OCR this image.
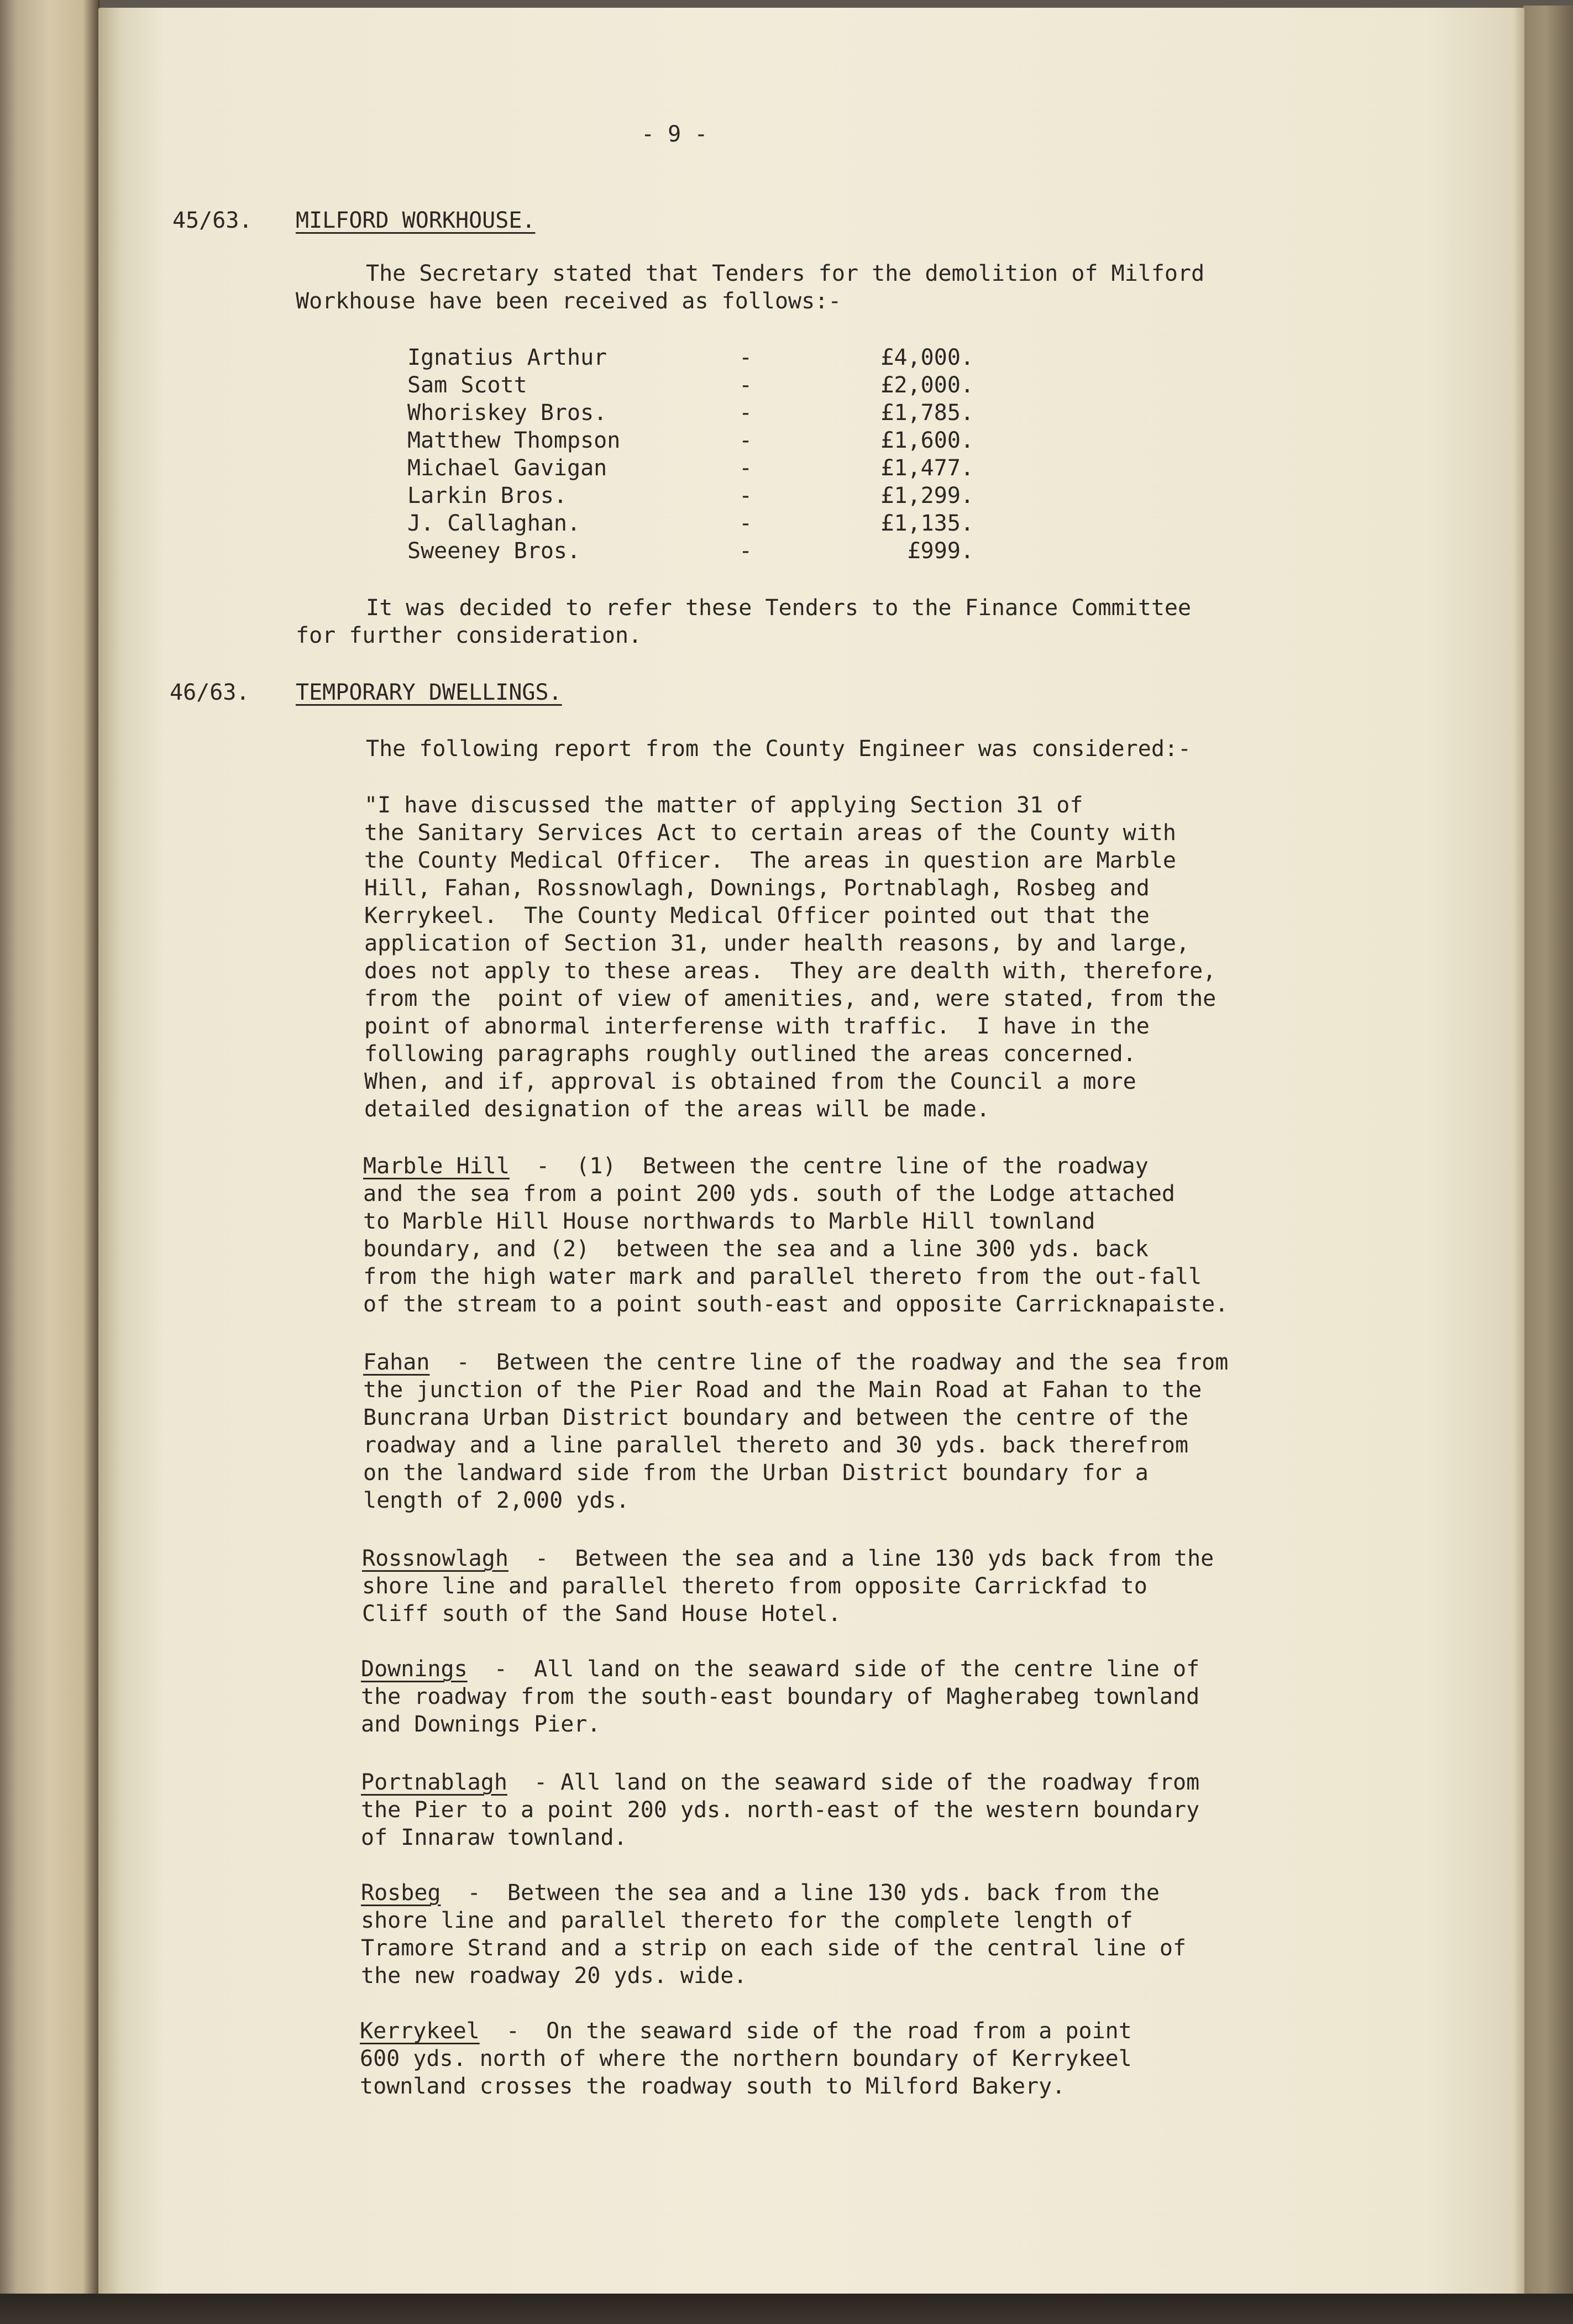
- 9 -

45/63. MILFORD WORKHOUSE.

The Secretary stated that Tenders for the demolition of Milford

Workhouse have been received as follows:-

Ignatius Arthur	-	£4,000.

Sam Scott	-	£2,000.

Whoriskey Bros.	-	£1,785.

Matthew Thompson	-	£1,600.

Michael Gavigan	-	£1,477.

Larkin Bros.	-	£1,299.

J. Callaghan.	-	£1,135.

Sweeney Bros.	-	£999.

It was decided to refer these Tenders to the Finance Committee

for further consideration.

46/63. TEMPORARY DWELLINGS.

The following report from the County Engineer was considered:-

"I have discussed the matter of applying Section 31 of

the Sanitary Services Act to certain areas of the County with

the County Medical Officer.  The areas in question are Marble

Hill, Fahan, Rossnowlagh, Downings, Portnablagh, Rosbeg and

Kerrykeel.  The County Medical Officer pointed out that the

application of Section 31, under health reasons, by and large,

does not apply to these areas.  They are dealth with, therefore,

from the  point of view of amenities, and, were stated, from the

point of abnormal interferense with traffic.  I have in the

following paragraphs roughly outlined the areas concerned.

When, and if, approval is obtained from the Council a more

detailed designation of the areas will be made.

Marble Hill  -  (1)  Between the centre line of the roadway

and the sea from a point 200 yds. south of the Lodge attached

to Marble Hill House northwards to Marble Hill townland

boundary, and (2)  between the sea and a line 300 yds. back

from the high water mark and parallel thereto from the out-fall

of the stream to a point south-east and opposite Carricknapaiste.

Fahan  -  Between the centre line of the roadway and the sea from

the junction of the Pier Road and the Main Road at Fahan to the

Buncrana Urban District boundary and between the centre of the

roadway and a line parallel thereto and 30 yds. back therefrom

on the landward side from the Urban District boundary for a

length of 2,000 yds.

Rossnowlagh  -  Between the sea and a line 130 yds back from the

shore line and parallel thereto from opposite Carrickfad to

Cliff south of the Sand House Hotel.

Downings  -  All land on the seaward side of the centre line of

the roadway from the south-east boundary of Magherabeg townland

and Downings Pier.

Portnablagh  - All land on the seaward side of the roadway from

the Pier to a point 200 yds. north-east of the western boundary

of Innaraw townland.

Rosbeg  -  Between the sea and a line 130 yds. back from the

shore line and parallel thereto for the complete length of

Tramore Strand and a strip on each side of the central line of

the new roadway 20 yds. wide.

Kerrykeel  -  On the seaward side of the road from a point

600 yds. north of where the northern boundary of Kerrykeel

townland crosses the roadway south to Milford Bakery.
